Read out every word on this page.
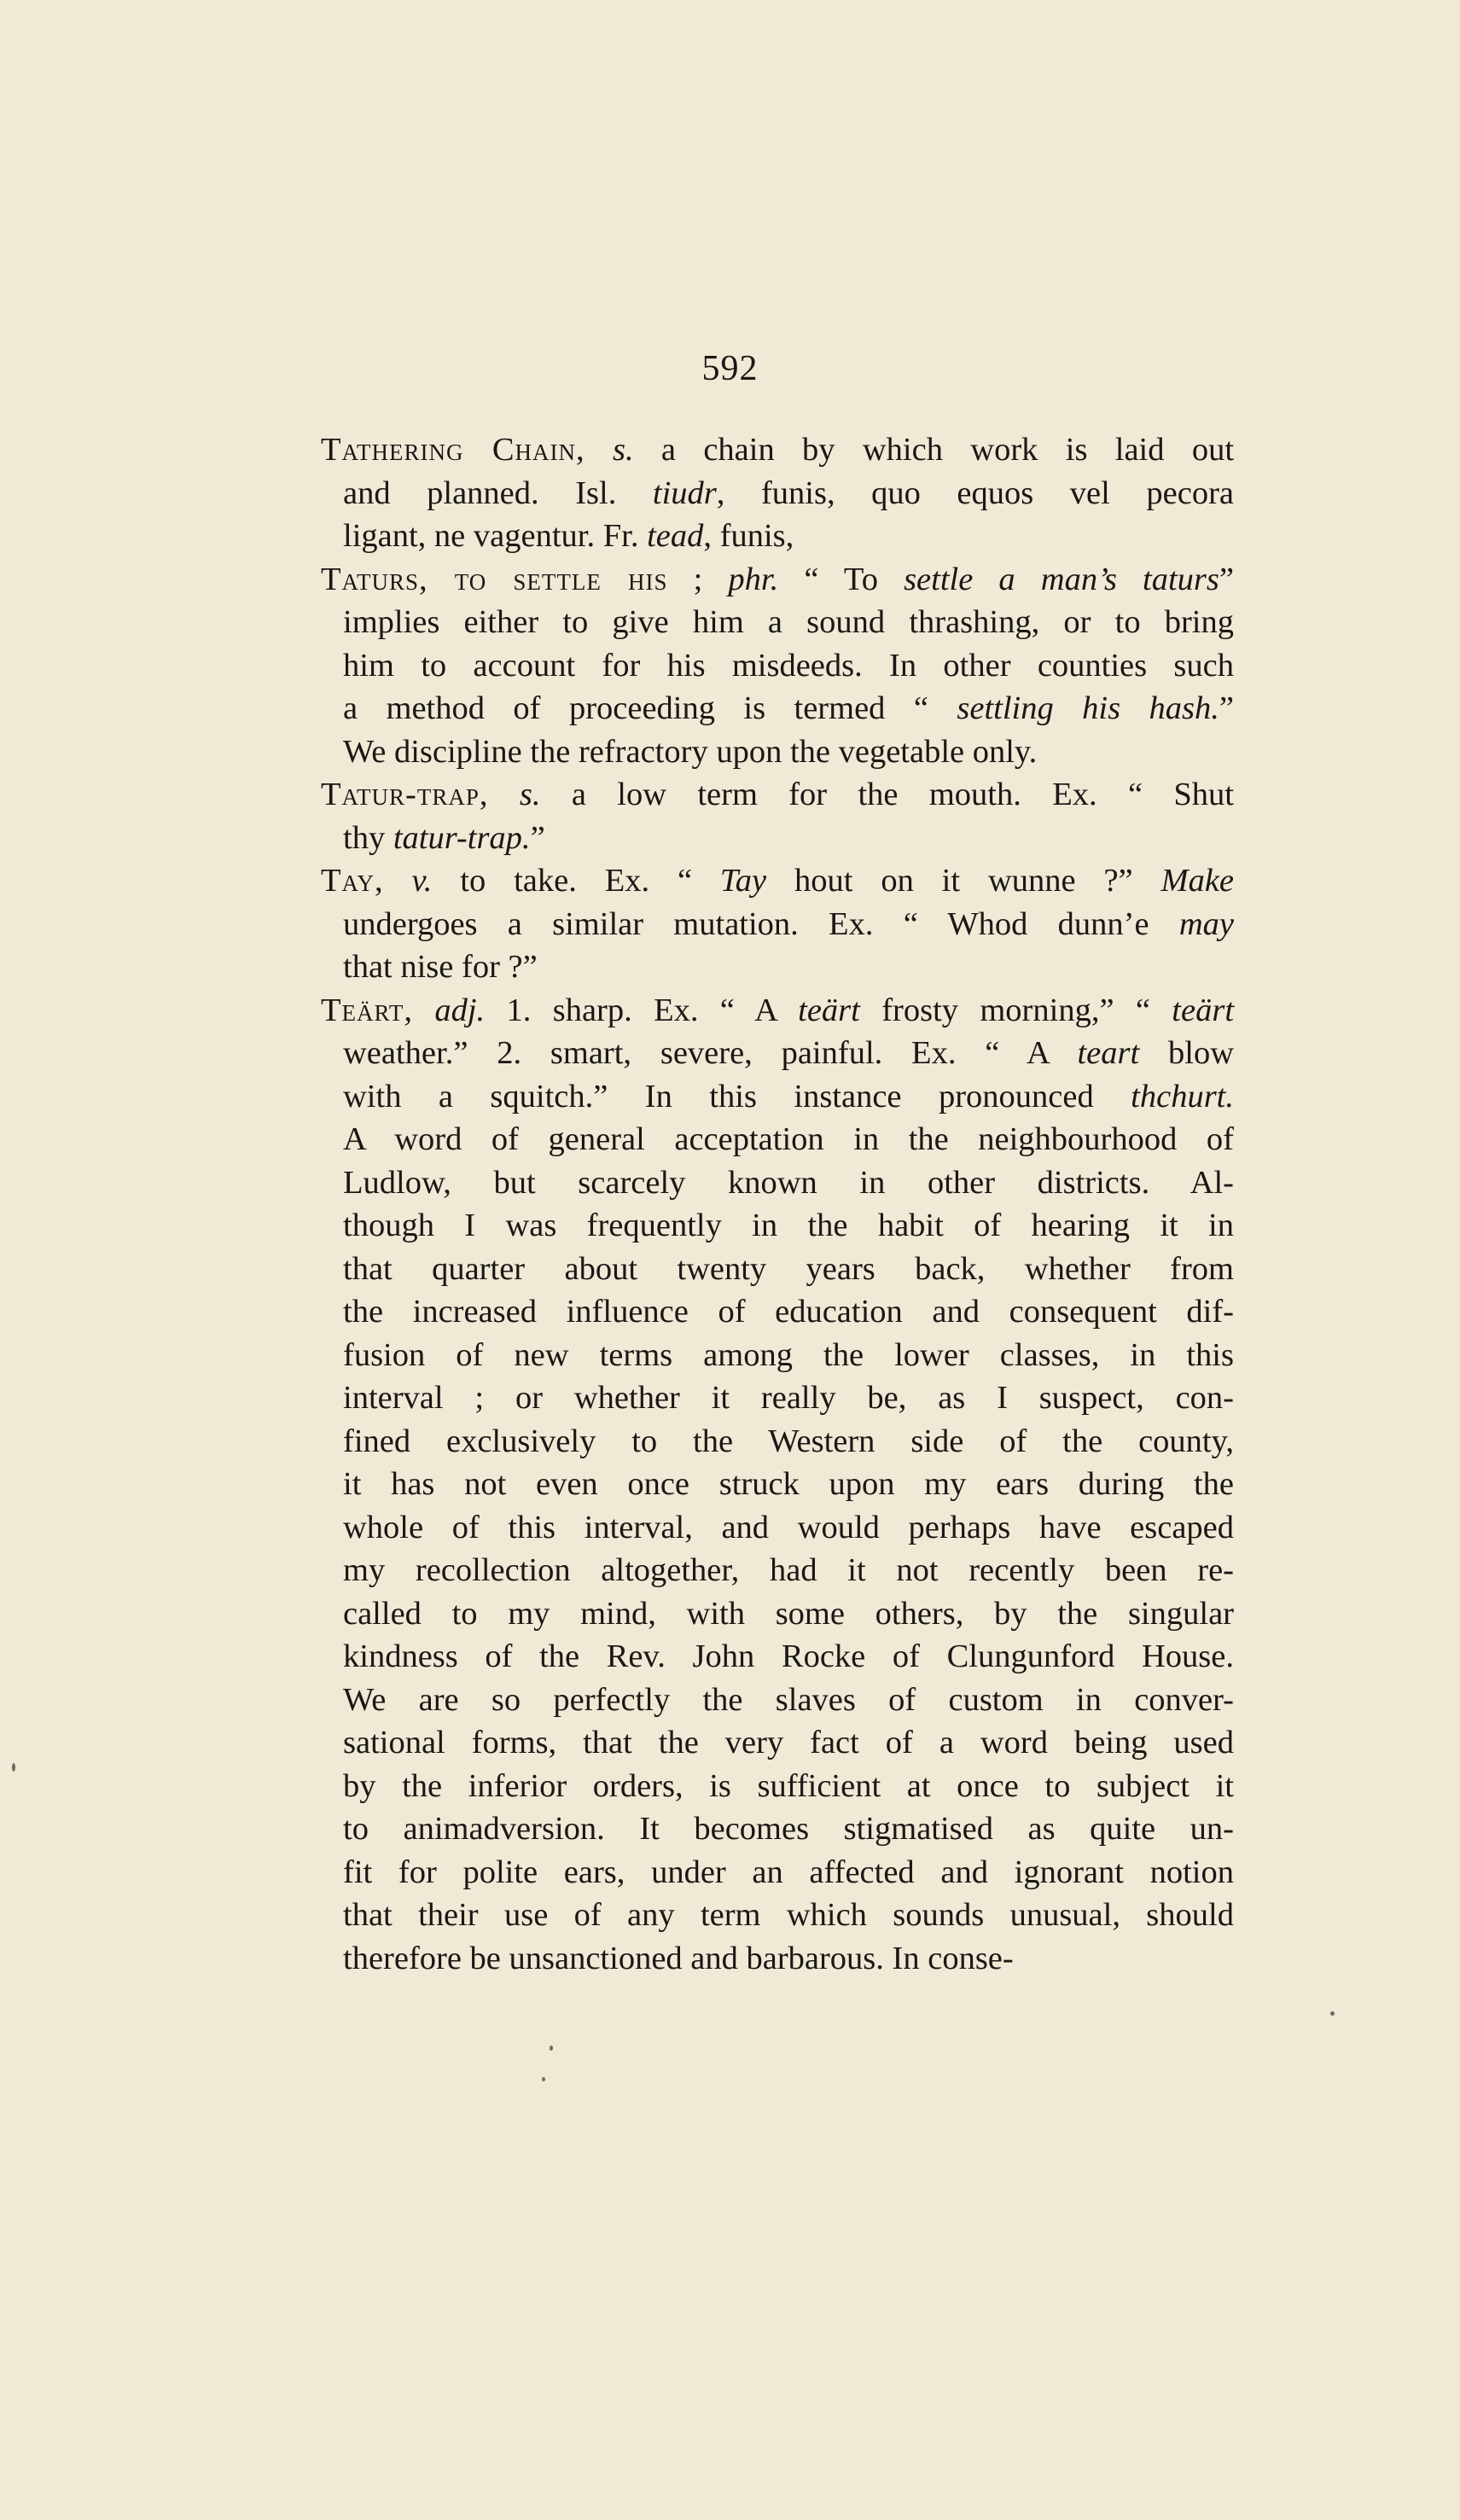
592
Tathering Chain, s. a chain by which work is laid out
and planned. Isl. tiudr, funis, quo equos vel pecora
ligant, ne vagentur. Fr. tead, funis,
Taturs, to settle his ; phr. “ To settle a man’s taturs”
implies either to give him a sound thrashing, or to bring
him to account for his misdeeds. In other counties such
a method of proceeding is termed “ settling his hash.”
We discipline the refractory upon the vegetable only.
Tatur-trap, s. a low term for the mouth. Ex. “ Shut
thy tatur-trap.”
Tay, v. to take. Ex. “ Tay hout on it wunne ?” Make
undergoes a similar mutation. Ex. “ Whod dunn’e may
that nise for ?”
Teärt, adj. 1. sharp. Ex. “ A teärt frosty morning,” “ teärt
weather.” 2. smart, severe, painful. Ex. “ A teart blow
with a squitch.” In this instance pronounced thchurt.
A word of general acceptation in the neighbourhood of
Ludlow, but scarcely known in other districts. Al-
though I was frequently in the habit of hearing it in
that quarter about twenty years back, whether from
the increased influence of education and consequent dif-
fusion of new terms among the lower classes, in this
interval ; or whether it really be, as I suspect, con-
fined exclusively to the Western side of the county,
it has not even once struck upon my ears during the
whole of this interval, and would perhaps have escaped
my recollection altogether, had it not recently been re-
called to my mind, with some others, by the singular
kindness of the Rev. John Rocke of Clungunford House.
We are so perfectly the slaves of custom in conver-
sational forms, that the very fact of a word being used
by the inferior orders, is sufficient at once to subject it
to animadversion. It becomes stigmatised as quite un-
fit for polite ears, under an affected and ignorant notion
that their use of any term which sounds unusual, should
therefore be unsanctioned and barbarous. In conse-
